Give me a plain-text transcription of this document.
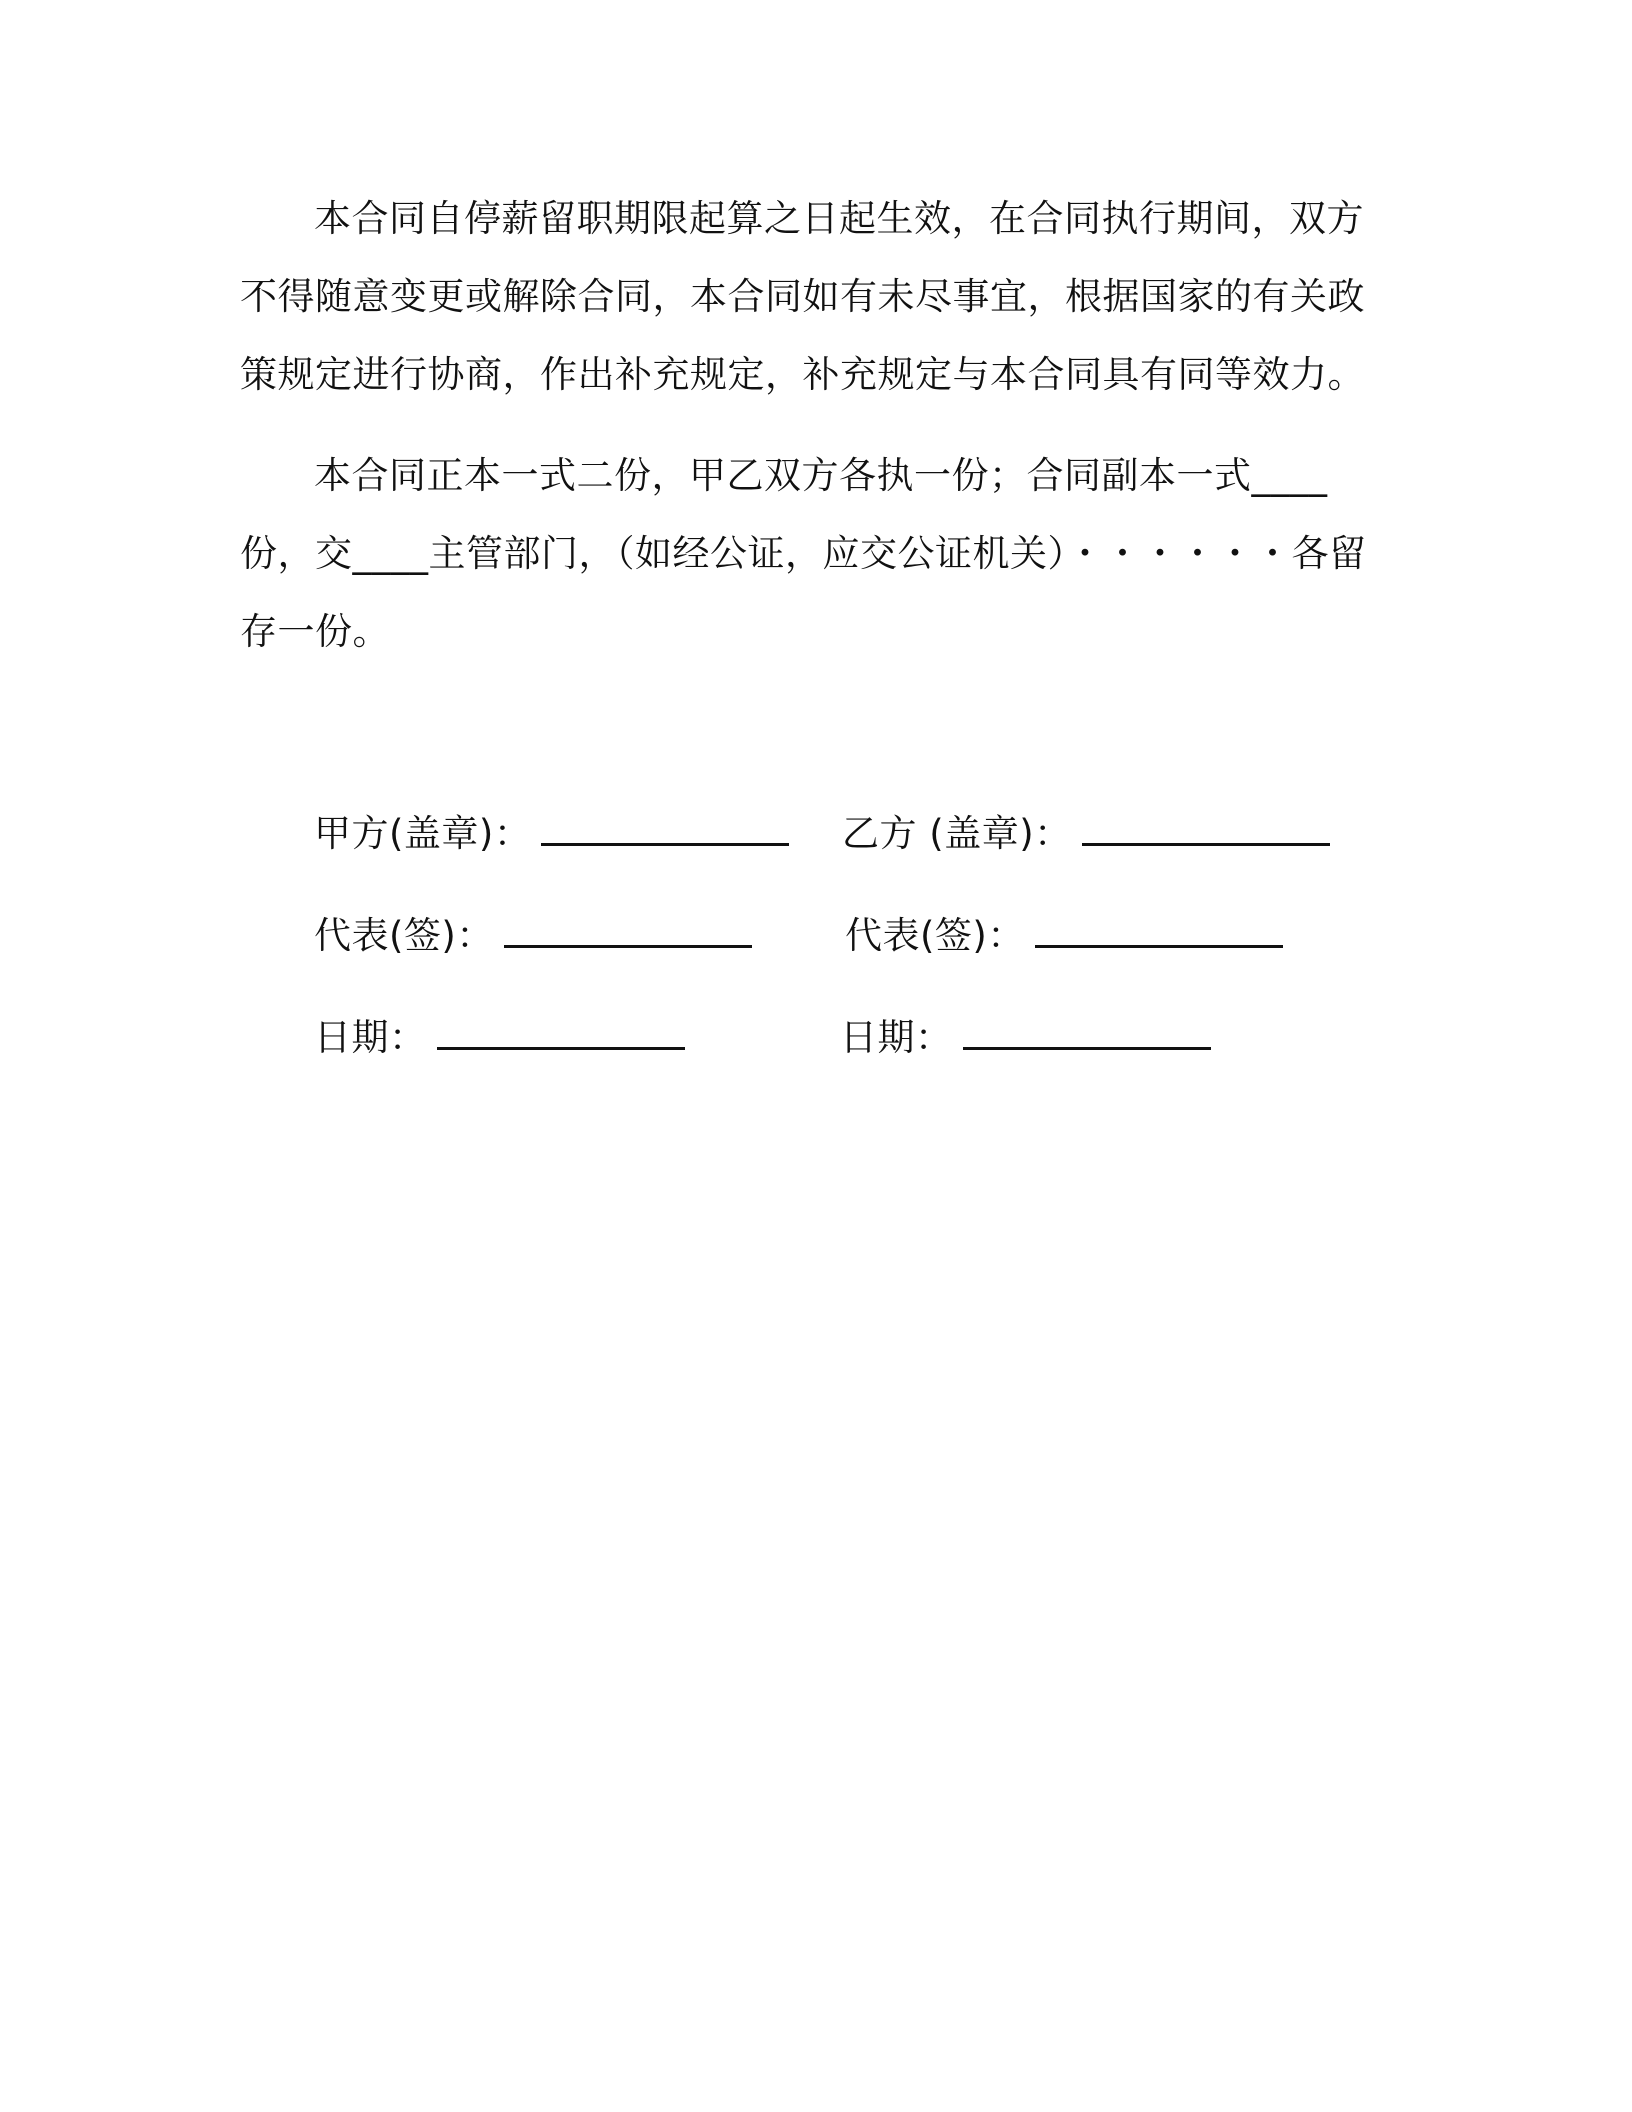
本合同自停薪留职期限起算之日起生效，在合同执行期间，双方不得随意变更或解除合同，本合同如有未尽事宜，根据国家的有关政策规定进行协商，作出补充规定，补充规定与本合同具有同等效力。

本合同正本一式二份，甲乙双方各执一份；合同副本一式____份，交____主管部门，（如经公证，应交公证机关）・・・・・・各留存一份。

甲方(盖章)：	乙方 (盖章)：
代表(签)：	代表(签)：
日期：	日期：
